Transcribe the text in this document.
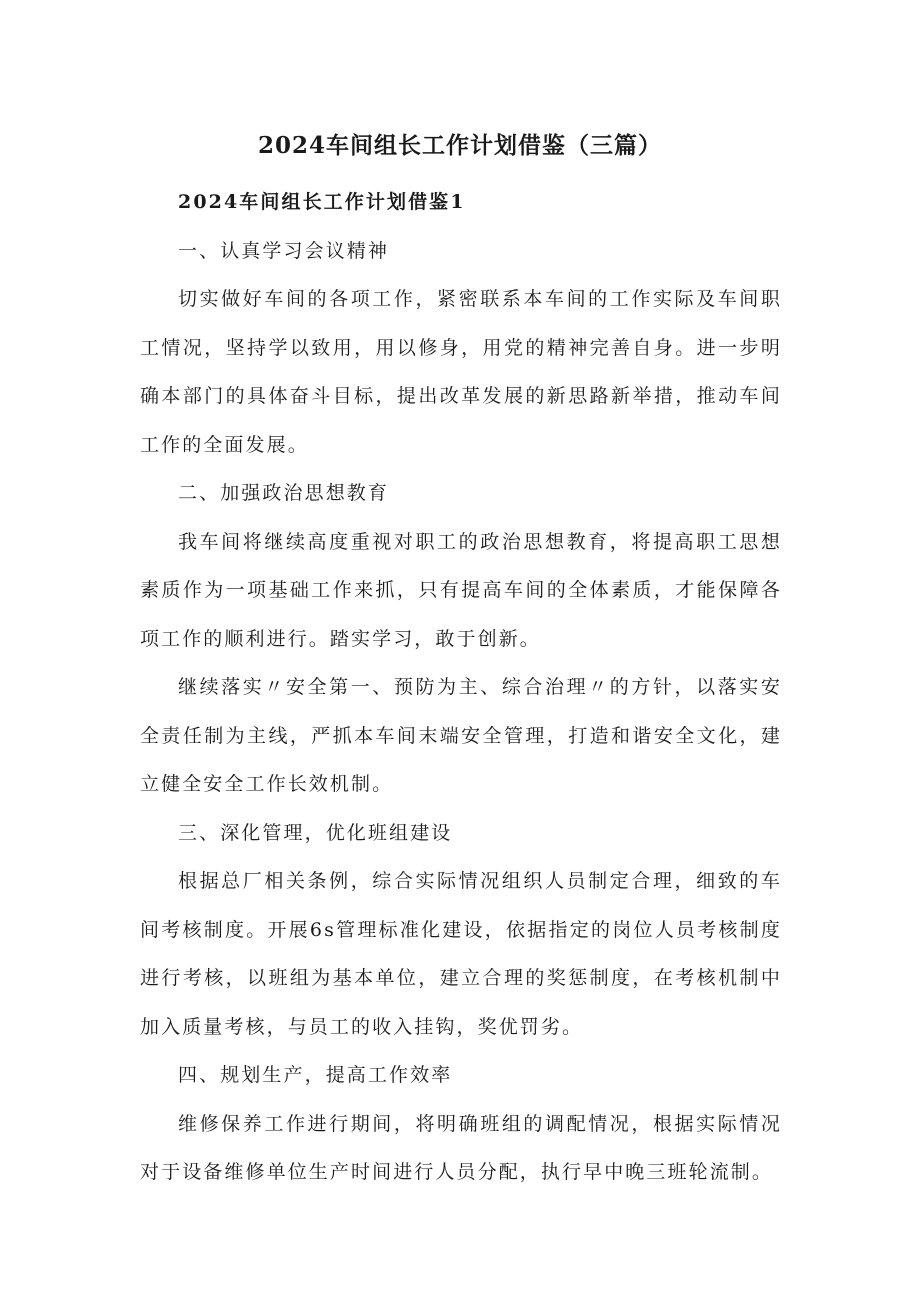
2024车间组长工作计划借鉴（三篇）

2024车间组长工作计划借鉴1

一、认真学习会议精神

切实做好车间的各项工作，紧密联系本车间的工作实际及车间职工情况，坚持学以致用，用以修身，用党的精神完善自身。进一步明确本部门的具体奋斗目标，提出改革发展的新思路新举措，推动车间工作的全面发展。

二、加强政治思想教育

我车间将继续高度重视对职工的政治思想教育，将提高职工思想素质作为一项基础工作来抓，只有提高车间的全体素质，才能保障各项工作的顺利进行。踏实学习，敢于创新。

继续落实〃安全第一、预防为主、综合治理〃的方针，以落实安全责任制为主线，严抓本车间末端安全管理，打造和谐安全文化，建立健全安全工作长效机制。

三、深化管理，优化班组建设

根据总厂相关条例，综合实际情况组织人员制定合理，细致的车间考核制度。开展6s管理标准化建设，依据指定的岗位人员考核制度进行考核，以班组为基本单位，建立合理的奖惩制度，在考核机制中加入质量考核，与员工的收入挂钩，奖优罚劣。

四、规划生产，提高工作效率

维修保养工作进行期间，将明确班组的调配情况，根据实际情况对于设备维修单位生产时间进行人员分配，执行早中晚三班轮流制。
